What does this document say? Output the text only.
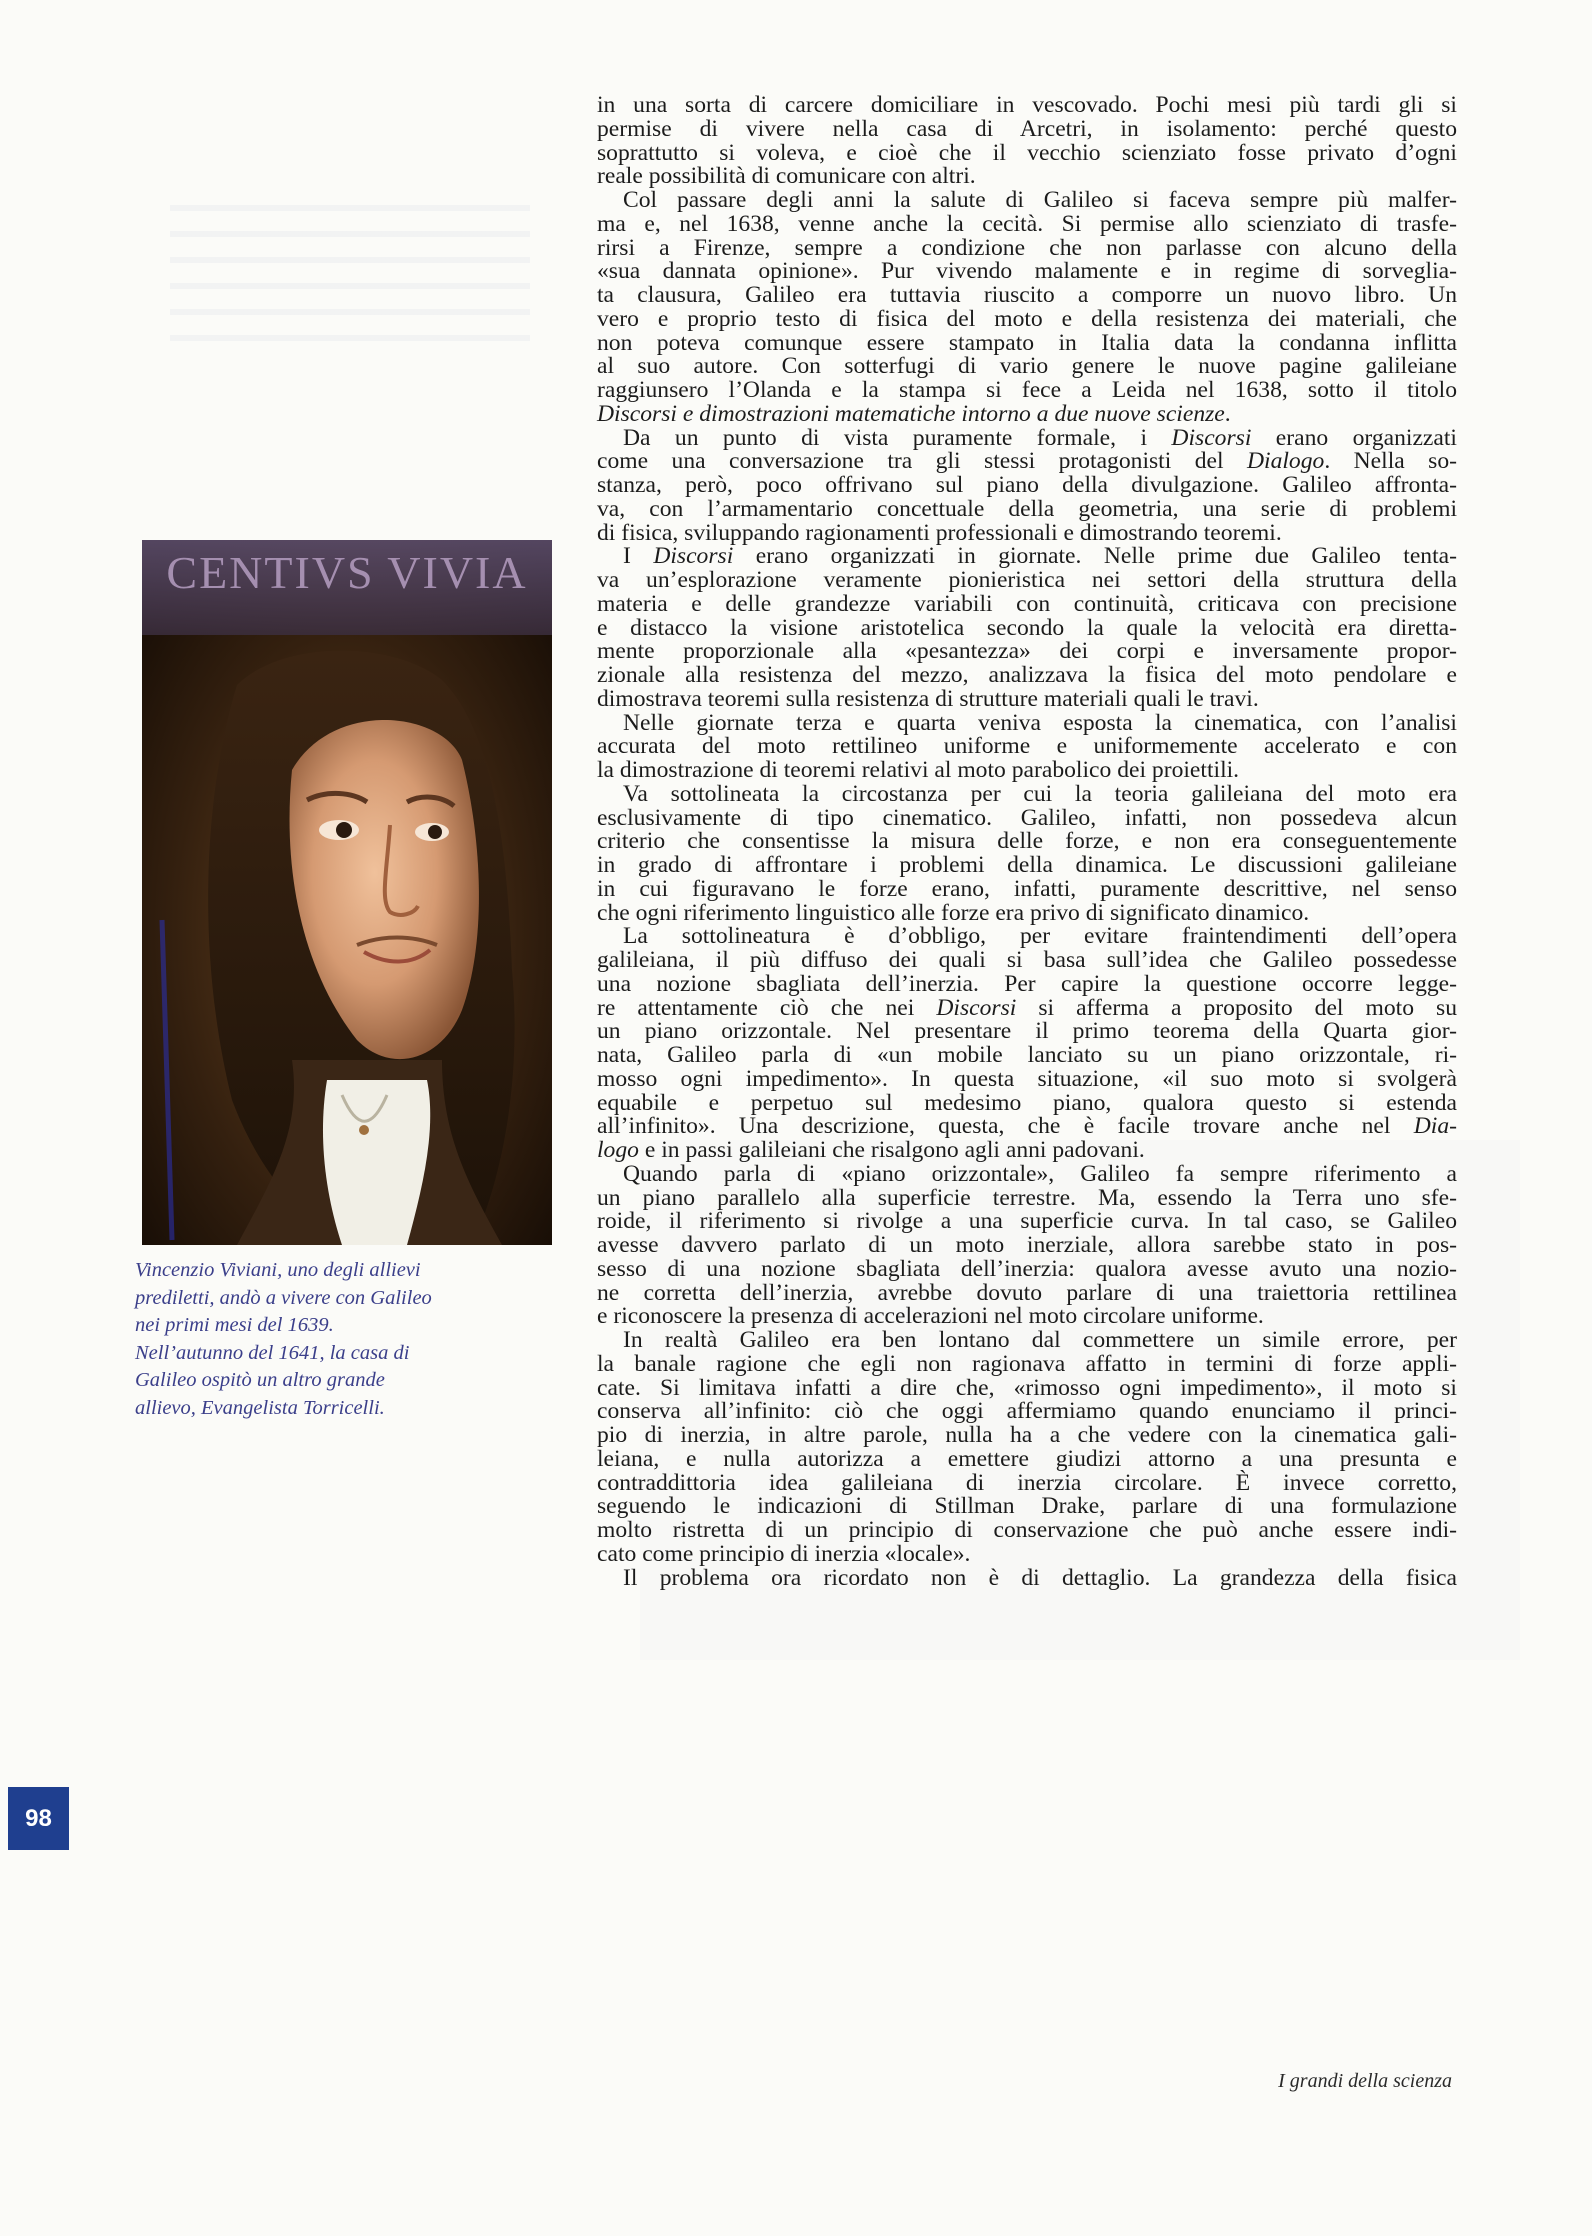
CENTIVS VIVIA
Vincenzio Viviani, uno degli allievi
prediletti, andò a vivere con Galileo
nei primi mesi del 1639.
Nell’autunno del 1641, la casa di
Galileo ospitò un altro grande
allievo, Evangelista Torricelli.
98
in una sorta di carcere domiciliare in vescovado. Pochi mesi più tardi gli si
permise di vivere nella casa di Arcetri, in isolamento: perché questo
soprattutto si voleva, e cioè che il vecchio scienziato fosse privato d’ogni
reale possibilità di comunicare con altri.
Col passare degli anni la salute di Galileo si faceva sempre più malfer-
ma e, nel 1638, venne anche la cecità. Si permise allo scienziato di trasfe-
rirsi a Firenze, sempre a condizione che non parlasse con alcuno della
«sua dannata opinione». Pur vivendo malamente e in regime di sorveglia-
ta clausura, Galileo era tuttavia riuscito a comporre un nuovo libro. Un
vero e proprio testo di fisica del moto e della resistenza dei materiali, che
non poteva comunque essere stampato in Italia data la condanna inflitta
al suo autore. Con sotterfugi di vario genere le nuove pagine galileiane
raggiunsero l’Olanda e la stampa si fece a Leida nel 1638, sotto il titolo
Discorsi e dimostrazioni matematiche intorno a due nuove scienze.
Da un punto di vista puramente formale, i Discorsi erano organizzati
come una conversazione tra gli stessi protagonisti del Dialogo. Nella so-
stanza, però, poco offrivano sul piano della divulgazione. Galileo affronta-
va, con l’armamentario concettuale della geometria, una serie di problemi
di fisica, sviluppando ragionamenti professionali e dimostrando teoremi.
I Discorsi erano organizzati in giornate. Nelle prime due Galileo tenta-
va un’esplorazione veramente pionieristica nei settori della struttura della
materia e delle grandezze variabili con continuità, criticava con precisione
e distacco la visione aristotelica secondo la quale la velocità era diretta-
mente proporzionale alla «pesantezza» dei corpi e inversamente propor-
zionale alla resistenza del mezzo, analizzava la fisica del moto pendolare e
dimostrava teoremi sulla resistenza di strutture materiali quali le travi.
Nelle giornate terza e quarta veniva esposta la cinematica, con l’analisi
accurata del moto rettilineo uniforme e uniformemente accelerato e con
la dimostrazione di teoremi relativi al moto parabolico dei proiettili.
Va sottolineata la circostanza per cui la teoria galileiana del moto era
esclusivamente di tipo cinematico. Galileo, infatti, non possedeva alcun
criterio che consentisse la misura delle forze, e non era conseguentemente
in grado di affrontare i problemi della dinamica. Le discussioni galileiane
in cui figuravano le forze erano, infatti, puramente descrittive, nel senso
che ogni riferimento linguistico alle forze era privo di significato dinamico.
La sottolineatura è d’obbligo, per evitare fraintendimenti dell’opera
galileiana, il più diffuso dei quali si basa sull’idea che Galileo possedesse
una nozione sbagliata dell’inerzia. Per capire la questione occorre legge-
re attentamente ciò che nei Discorsi si afferma a proposito del moto su
un piano orizzontale. Nel presentare il primo teorema della Quarta gior-
nata, Galileo parla di «un mobile lanciato su un piano orizzontale, ri-
mosso ogni impedimento». In questa situazione, «il suo moto si svolgerà
equabile e perpetuo sul medesimo piano, qualora questo si estenda
all’infinito». Una descrizione, questa, che è facile trovare anche nel Dia-
logo e in passi galileiani che risalgono agli anni padovani.
Quando parla di «piano orizzontale», Galileo fa sempre riferimento a
un piano parallelo alla superficie terrestre. Ma, essendo la Terra uno sfe-
roide, il riferimento si rivolge a una superficie curva. In tal caso, se Galileo
avesse davvero parlato di un moto inerziale, allora sarebbe stato in pos-
sesso di una nozione sbagliata dell’inerzia: qualora avesse avuto una nozio-
ne corretta dell’inerzia, avrebbe dovuto parlare di una traiettoria rettilinea
e riconoscere la presenza di accelerazioni nel moto circolare uniforme.
In realtà Galileo era ben lontano dal commettere un simile errore, per
la banale ragione che egli non ragionava affatto in termini di forze appli-
cate. Si limitava infatti a dire che, «rimosso ogni impedimento», il moto si
conserva all’infinito: ciò che oggi affermiamo quando enunciamo il princi-
pio di inerzia, in altre parole, nulla ha a che vedere con la cinematica gali-
leiana, e nulla autorizza a emettere giudizi attorno a una presunta e
contraddittoria idea galileiana di inerzia circolare. È invece corretto,
seguendo le indicazioni di Stillman Drake, parlare di una formulazione
molto ristretta di un principio di conservazione che può anche essere indi-
cato come principio di inerzia «locale».
Il problema ora ricordato non è di dettaglio. La grandezza della fisica
I grandi della scienza
